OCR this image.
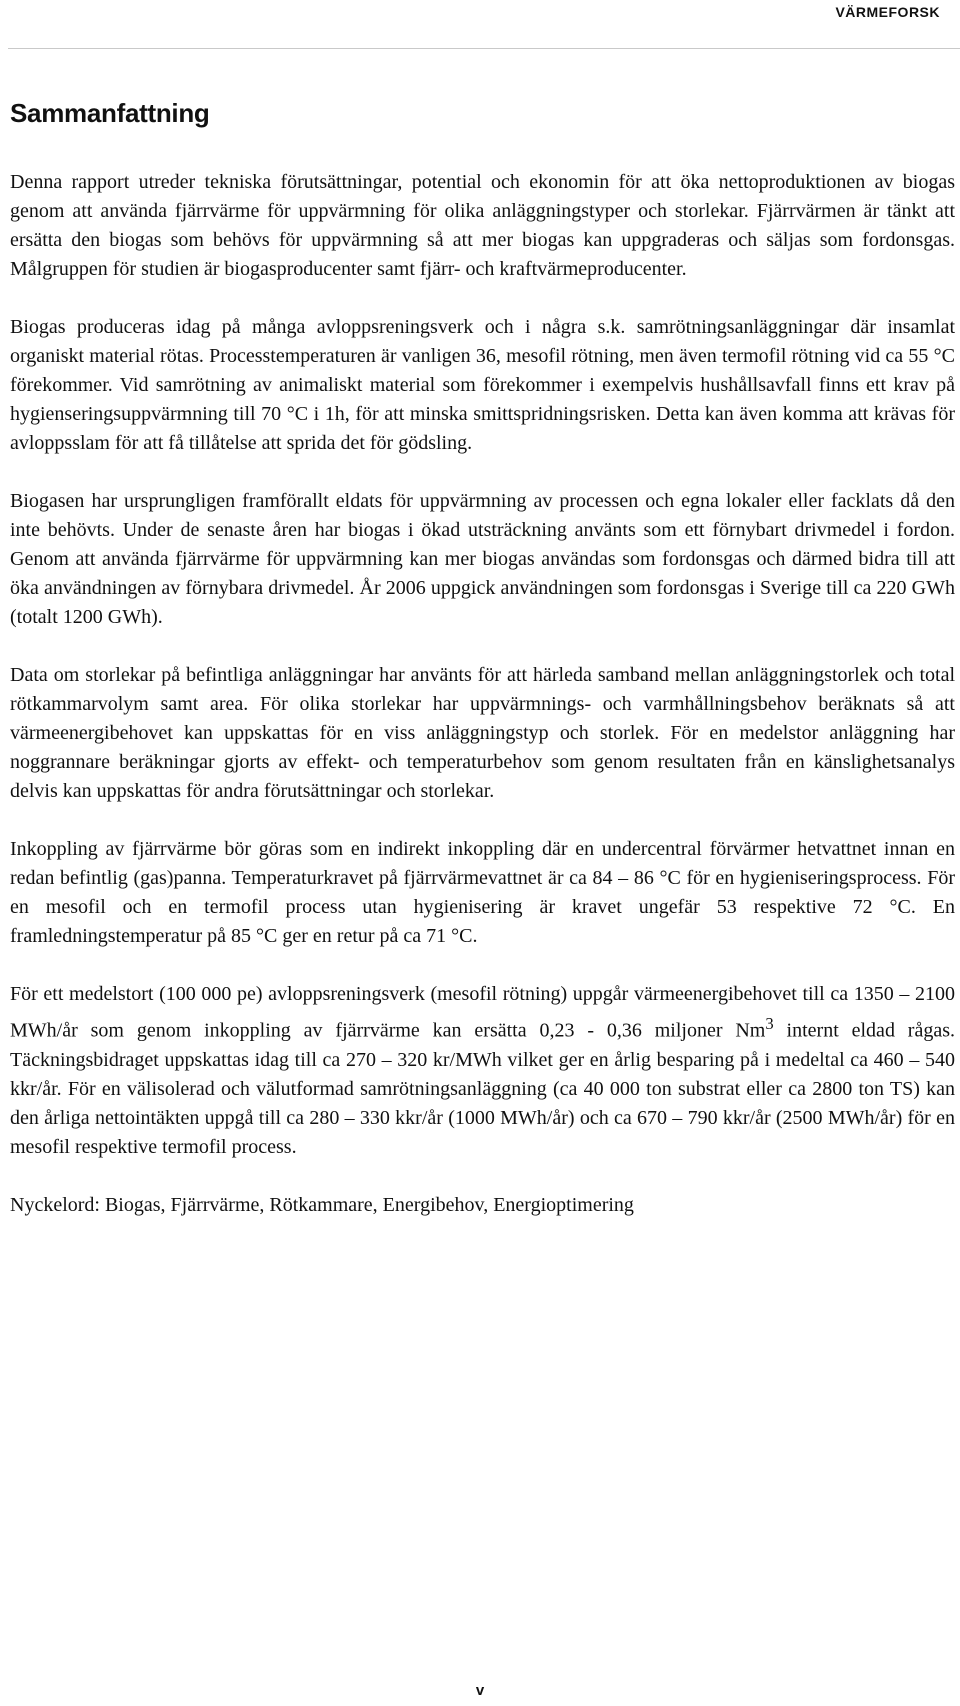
VÄRMEFORSK
Sammanfattning

Denna rapport utreder tekniska förutsättningar, potential och ekonomin för att öka nettoproduktionen av biogas genom att använda fjärrvärme för uppvärmning för olika anläggningstyper och storlekar. Fjärrvärmen är tänkt att ersätta den biogas som behövs för uppvärmning så att mer biogas kan uppgraderas och säljas som fordonsgas. Målgruppen för studien är biogasproducenter samt fjärr- och kraftvärmeproducenter.

Biogas produceras idag på många avloppsreningsverk och i några s.k. samrötningsanläggningar där insamlat organiskt material rötas. Processtemperaturen är vanligen 36, mesofil rötning, men även termofil rötning vid ca 55 °C förekommer. Vid samrötning av animaliskt material som förekommer i exempelvis hushållsavfall finns ett krav på hygienseringsuppvärmning till 70 °C i 1h, för att minska smittspridningsrisken. Detta kan även komma att krävas för avloppsslam för att få tillåtelse att sprida det för gödsling.

Biogasen har ursprungligen framförallt eldats för uppvärmning av processen och egna lokaler eller facklats då den inte behövts. Under de senaste åren har biogas i ökad utsträckning använts som ett förnybart drivmedel i fordon. Genom att använda fjärrvärme för uppvärmning kan mer biogas användas som fordonsgas och därmed bidra till att öka användningen av förnybara drivmedel. År 2006 uppgick användningen som fordonsgas i Sverige till ca 220 GWh (totalt 1200 GWh).

Data om storlekar på befintliga anläggningar har använts för att härleda samband mellan anläggningstorlek och total rötkammarvolym samt area. För olika storlekar har uppvärmnings- och varmhållningsbehov beräknats så att värmeenergibehovet kan uppskattas för en viss anläggningstyp och storlek. För en medelstor anläggning har noggrannare beräkningar gjorts av effekt- och temperaturbehov som genom resultaten från en känslighetsanalys delvis kan uppskattas för andra förutsättningar och storlekar.

Inkoppling av fjärrvärme bör göras som en indirekt inkoppling där en undercentral förvärmer hetvattnet innan en redan befintlig (gas)panna. Temperaturkravet på fjärrvärmevattnet är ca 84 – 86 °C för en hygieniseringsprocess. För en mesofil och en termofil process utan hygienisering är kravet ungefär 53 respektive 72 °C. En framledningstemperatur på 85 °C ger en retur på ca 71 °C.

För ett medelstort (100 000 pe) avloppsreningsverk (mesofil rötning) uppgår värmeenergibehovet till ca 1350 – 2100 MWh/år som genom inkoppling av fjärrvärme kan ersätta 0,23 - 0,36 miljoner Nm$^3$ internt eldad rågas. Täckningsbidraget uppskattas idag till ca 270 – 320 kr/MWh vilket ger en årlig besparing på i medeltal ca 460 – 540 kkr/år. För en välisolerad och välutformad samrötningsanläggning (ca 40 000 ton substrat eller ca 2800 ton TS) kan den årliga nettointäkten uppgå till ca 280 – 330 kkr/år (1000 MWh/år) och ca 670 – 790 kkr/år (2500 MWh/år) för en mesofil respektive termofil process.

Nyckelord: Biogas, Fjärrvärme, Rötkammare, Energibehov, Energioptimering

v
